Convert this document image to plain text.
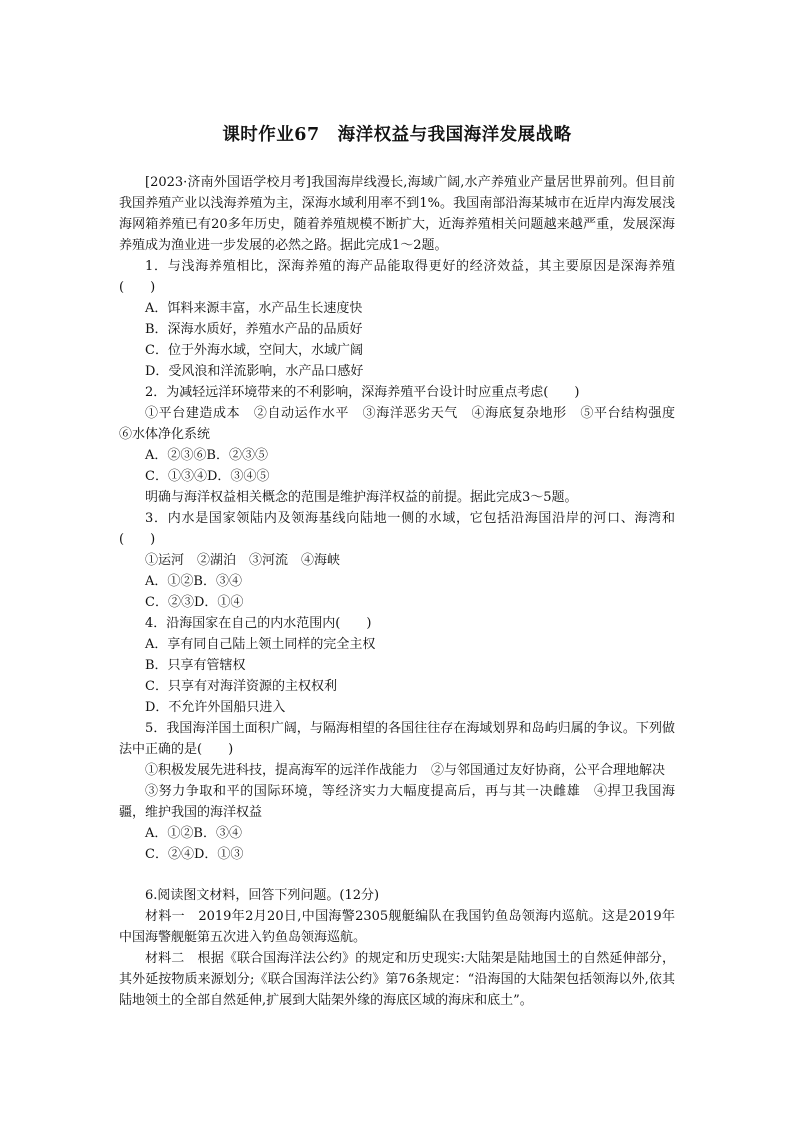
课时作业67　海洋权益与我国海洋发展战略

[2023·济南外国语学校月考]我国海岸线漫长,海域广阔,水产养殖业产量居世界前列。但目前我国养殖产业以浅海养殖为主，深海水域利用率不到1%。我国南部沿海某城市在近岸内海发展浅海网箱养殖已有20多年历史，随着养殖规模不断扩大，近海养殖相关问题越来越严重，发展深海养殖成为渔业进一步发展的必然之路。据此完成1～2题。

1．与浅海养殖相比，深海养殖的海产品能取得更好的经济效益，其主要原因是深海养殖(　　)

A．饵料来源丰富，水产品生长速度快

B．深海水质好，养殖水产品的品质好

C．位于外海水域，空间大，水域广阔

D．受风浪和洋流影响，水产品口感好

2．为减轻远洋环境带来的不利影响，深海养殖平台设计时应重点考虑(　　)

①平台建造成本　②自动运作水平　③海洋恶劣天气　④海底复杂地形　⑤平台结构强度　⑥水体净化系统

A．②③⑥B．②③⑤

C．①③④D．③④⑤

明确与海洋权益相关概念的范围是维护海洋权益的前提。据此完成3～5题。

3．内水是国家领陆内及领海基线向陆地一侧的水域，它包括沿海国沿岸的河口、海湾和(　　)

①运河　②湖泊　③河流　④海峡

A．①②B．③④

C．②③D．①④

4．沿海国家在自己的内水范围内(　　)

A．享有同自己陆上领土同样的完全主权

B．只享有管辖权

C．只享有对海洋资源的主权权利

D．不允许外国船只进入

5．我国海洋国土面积广阔，与隔海相望的各国往往存在海域划界和岛屿归属的争议。下列做法中正确的是(　　)

①积极发展先进科技，提高海军的远洋作战能力　②与邻国通过友好协商，公平合理地解决

③努力争取和平的国际环境，等经济实力大幅度提高后，再与其一决雌雄　④捍卫我国海疆，维护我国的海洋权益

A．①②B．③④

C．②④D．①③

6.阅读图文材料，回答下列问题。(12分)

材料一　2019年2月20日,中国海警2305舰艇编队在我国钓鱼岛领海内巡航。这是2019年中国海警舰艇第五次进入钓鱼岛领海巡航。

材料二　根据《联合国海洋法公约》的规定和历史现实:大陆架是陆地国土的自然延伸部分，其外延按物质来源划分;《联合国海洋法公约》第76条规定：“沿海国的大陆架包括领海以外,依其陆地领土的全部自然延伸,扩展到大陆架外缘的海底区域的海床和底土”。
